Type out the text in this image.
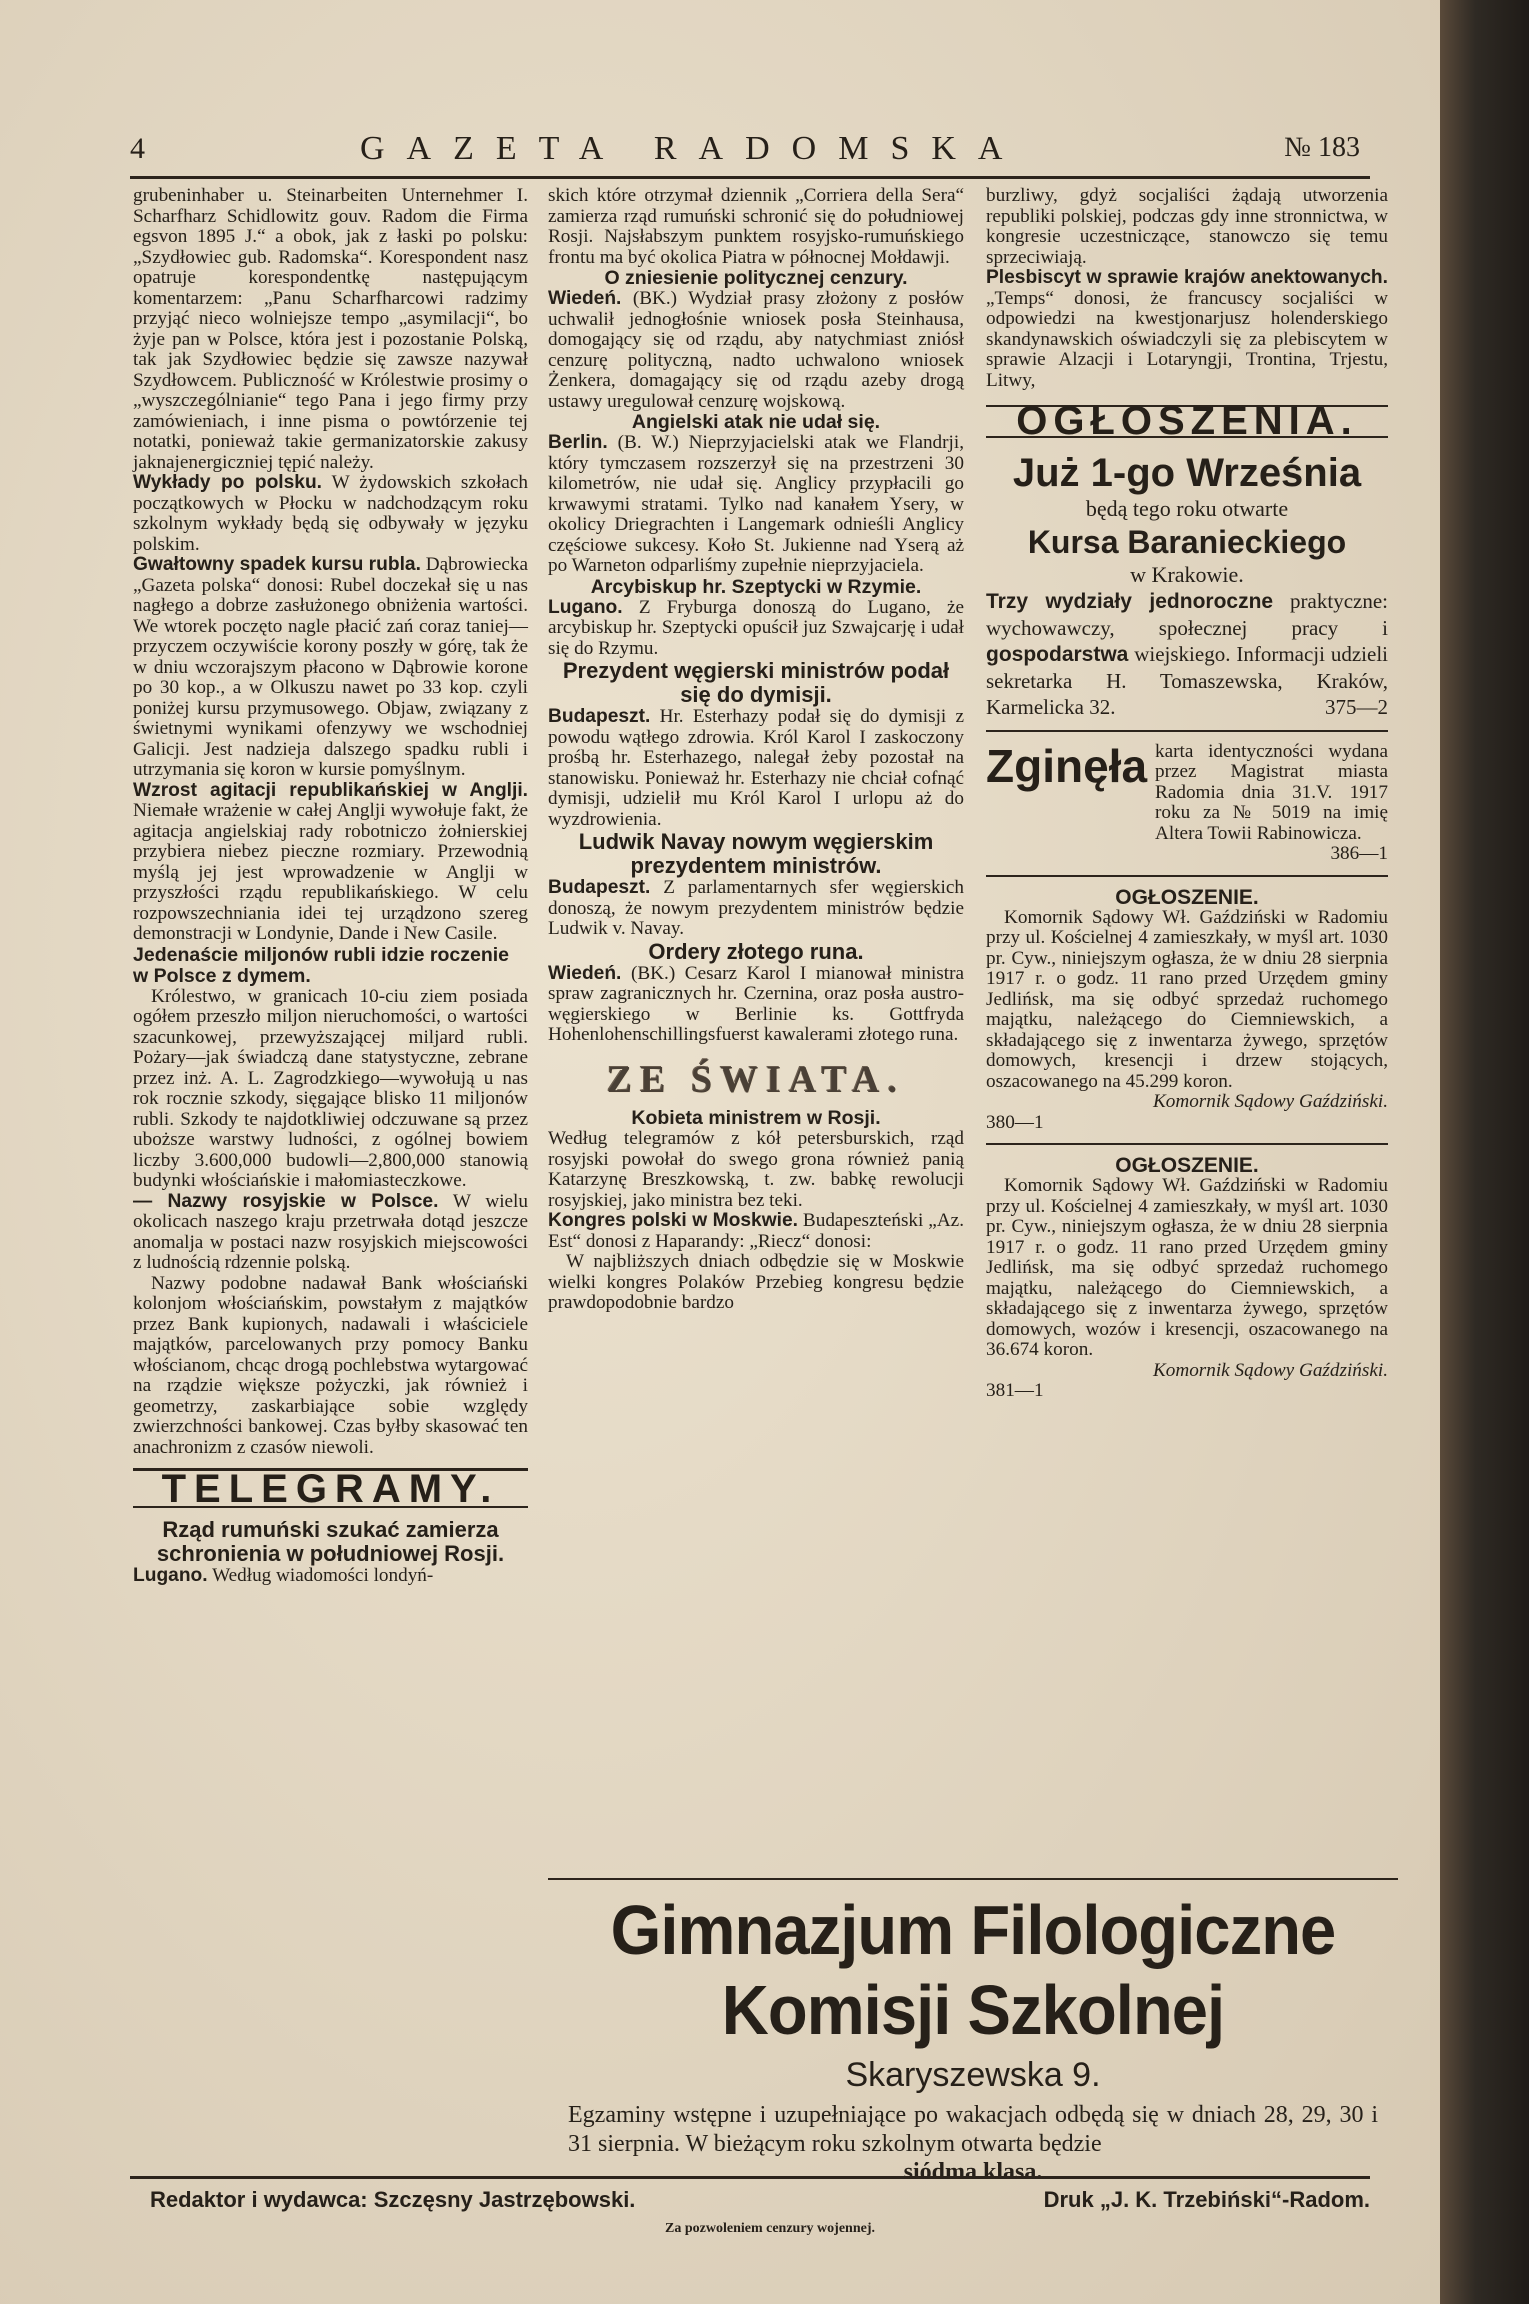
4	GAZETA RADOMSKA	№ 183

grubeninhaber u. Steinarbeiten Unternehmer I. Scharfharz Schidlowitz gouv. Radom die Firma egsvon 1895 J.“ a obok, jak z łaski po polsku: „Szydłowiec gub. Radomska“. Korespondent nasz opatruje korespondentkę następującym komentarzem: „Panu Scharfharcowi radzimy przyjąć nieco wolniejsze tempo „asymilacji“, bo żyje pan w Polsce, która jest i pozostanie Polską, tak jak Szydłowiec będzie się zawsze nazywał Szydłowcem. Publiczność w Królestwie prosimy o „wyszczególnianie“ tego Pana i jego firmy przy zamówieniach, i inne pisma o powtórzenie tej notatki, ponieważ takie germanizatorskie zakusy jaknajenergiczniej tępić należy.

Wykłady po polsku. W żydowskich szkołach początkowych w Płocku w nadchodzącym roku szkolnym wykłady będą się odbywały w języku polskim.

Gwałtowny spadek kursu rubla. Dąbrowiecka „Gazeta polska“ donosi: Rubel doczekał się u nas nagłego a dobrze zasłużonego obniżenia wartości. We wtorek poczęto nagle płacić zań coraz taniej—przyczem oczywiście korony poszły w górę, tak że w dniu wczorajszym płacono w Dąbrowie korone po 30 kop., a w Olkuszu nawet po 33 kop. czyli poniżej kursu przymusowego. Objaw, związany z świetnymi wynikami ofenzywy we wschodniej Galicji. Jest nadzieja dalszego spadku rubli i utrzymania się koron w kursie pomyślnym.

Wzrost agitacji republikańskiej w Anglji. Niemałe wrażenie w całej Anglji wywołuje fakt, że agitacja angielskiaj rady robotniczo żołnierskiej przybiera niebez pieczne rozmiary. Przewodnią myślą jej jest wprowadzenie w Anglji w przyszłości rządu republikańskiego. W celu rozpowszechniania idei tej urządzono szereg demonstracji w Londynie, Dande i New Casile.

Jedenaście miljonów rubli idzie roczenie w Polsce z dymem.

Królestwo, w granicach 10-ciu ziem posiada ogółem przeszło miljon nieruchomości, o wartości szacunkowej, przewyższającej miljard rubli. Pożary—jak świadczą dane statystyczne, zebrane przez inż. A. L. Zagrodzkiego—wywołują u nas rok rocznie szkody, sięgające blisko 11 miljonów rubli. Szkody te najdotkliwiej odczuwane są przez uboższe warstwy ludności, z ogólnej bowiem liczby 3.600,000 budowli—2,800,000 stanowią budynki włościańskie i małomiasteczkowe.

— Nazwy rosyjskie w Polsce. W wielu okolicach naszego kraju przetrwała dotąd jeszcze anomalja w postaci nazw rosyjskich miejscowości z ludnością rdzennie polską.

Nazwy podobne nadawał Bank włościański kolonjom włościańskim, powstałym z majątków przez Bank kupionych, nadawali i właściciele majątków, parcelowanych przy pomocy Banku włościanom, chcąc drogą pochlebstwa wytargować na rządzie większe pożyczki, jak również i geometrzy, zaskarbiające sobie względy zwierzchności bankowej. Czas byłby skasować ten anachronizm z czasów niewoli.

TELEGRAMY.

Rząd rumuński szukać zamierza schronienia w południowej Rosji.

Lugano. Według wiadomości londyń-

skich które otrzymał dziennik „Corriera della Sera“ zamierza rząd rumuński schronić się do południowej Rosji. Najsłabszym punktem rosyjsko-rumuńskiego frontu ma być okolica Piatra w północnej Mołdawji.

O zniesienie politycznej cenzury.

Wiedeń. (BK.) Wydział prasy złożony z posłów uchwalił jednogłośnie wniosek posła Steinhausa, domogający się od rządu, aby natychmiast zniósł cenzurę polityczną, nadto uchwalono wniosek Żenkera, domagający się od rządu azeby drogą ustawy uregulował cenzurę wojskową.

Angielski atak nie udał się.

Berlin. (B. W.) Nieprzyjacielski atak we Flandrji, który tymczasem rozszerzył się na przestrzeni 30 kilometrów, nie udał się. Anglicy przypłacili go krwawymi stratami. Tylko nad kanałem Ysery, w okolicy Driegrachten i Langemark odnieśli Anglicy częściowe sukcesy. Koło St. Jukienne nad Yserą aż po Warneton odparliśmy zupełnie nieprzyjaciela.

Arcybiskup hr. Szeptycki w Rzymie.

Lugano. Z Fryburga donoszą do Lugano, że arcybiskup hr. Szeptycki opuścił juz Szwajcarję i udał się do Rzymu.

Prezydent węgierski ministrów podał się do dymisji.

Budapeszt. Hr. Esterhazy podał się do dymisji z powodu wątłego zdrowia. Król Karol I zaskoczony prośbą hr. Esterhazego, nalegał żeby pozostał na stanowisku. Ponieważ hr. Esterhazy nie chciał cofnąć dymisji, udzielił mu Król Karol I urlopu aż do wyzdrowienia.

Ludwik Navay nowym węgierskim prezydentem ministrów.

Budapeszt. Z parlamentarnych sfer węgierskich donoszą, że nowym prezydentem ministrów będzie Ludwik v. Navay.

Ordery złotego runa.

Wiedeń. (BK.) Cesarz Karol I mianował ministra spraw zagranicznych hr. Czernina, oraz posła austro-węgierskiego w Berlinie ks. Gottfryda Hohenlohenschillingsfuerst kawalerami złotego runa.

ZE ŚWIATA.

Kobieta ministrem w Rosji.

Według telegramów z kół petersburskich, rząd rosyjski powołał do swego grona również panią Katarzynę Breszkowską, t. zw. babkę rewolucji rosyjskiej, jako ministra bez teki.

Kongres polski w Moskwie. Budapeszteński „Az. Est“ donosi z Haparandy: „Riecz“ donosi:

W najbliższych dniach odbędzie się w Moskwie wielki kongres Polaków Przebieg kongresu będzie prawdopodobnie bardzo

burzliwy, gdyż socjaliści żądają utworzenia republiki polskiej, podczas gdy inne stronnictwa, w kongresie uczestniczące, stanowczo się temu sprzeciwiają.

Plesbiscyt w sprawie krajów anektowanych. „Temps“ donosi, że francuscy socjaliści w odpowiedzi na kwestjonarjusz holenderskiego skandynawskich oświadczyli się za plebiscytem w sprawie Alzacji i Lotaryngji, Trontina, Trjestu, Litwy,

OGŁOSZENIA.
Już 1-go Września
będą tego roku otwarte
Kursa Baranieckiego
w Krakowie.
Trzy wydziały jednoroczne praktyczne: wychowawczy, społecznej pracy i gospodarstwa wiejskiego. Informacji udzieli sekretarka H. Tomaszewska, Kraków, Karmelicka 32.	375—2
Zginęła karta identyczności wydana przez Magistrat miasta Radomia dnia 31.V. 1917 roku za № 5019 na imię Altera Towii Rabinowicza.
386—1
OGŁOSZENIE.

Komornik Sądowy Wł. Gaździński w Radomiu przy ul. Kościelnej 4 zamieszkały, w myśl art. 1030 pr. Cyw., niniejszym ogłasza, że w dniu 28 sierpnia 1917 r. o godz. 11 rano przed Urzędem gminy Jedlińsk, ma się odbyć sprzedaż ruchomego majątku, należącego do Ciemniewskich, a składającego się z inwentarza żywego, sprzętów domowych, kresencji i drzew stojących, oszacowanego na 45.299 koron.

Komornik Sądowy Gaździński.
380—1
OGŁOSZENIE.

Komornik Sądowy Wł. Gaździński w Radomiu przy ul. Kościelnej 4 zamieszkały, w myśl art. 1030 pr. Cyw., niniejszym ogłasza, że w dniu 28 sierpnia 1917 r. o godz. 11 rano przed Urzędem gminy Jedlińsk, ma się odbyć sprzedaż ruchomego majątku, należącego do Ciemniewskich, a składającego się z inwentarza żywego, sprzętów domowych, wozów i kresencji, oszacowanego na 36.674 koron.

Komornik Sądowy Gaździński.
381—1
Gimnazjum Filologiczne Komisji Szkolnej
Skaryszewska 9.
Egzaminy wstępne i uzupełniające po wakacjach odbędą się w dniach 28, 29, 30 i 31 sierpnia. W bieżącym roku szkolnym otwarta będzie
siódma klasa.
Redaktor i wydawca: Szczęsny Jastrzębowski.	Druk „J. K. Trzebiński“-Radom.
Za pozwoleniem cenzury wojennej.
